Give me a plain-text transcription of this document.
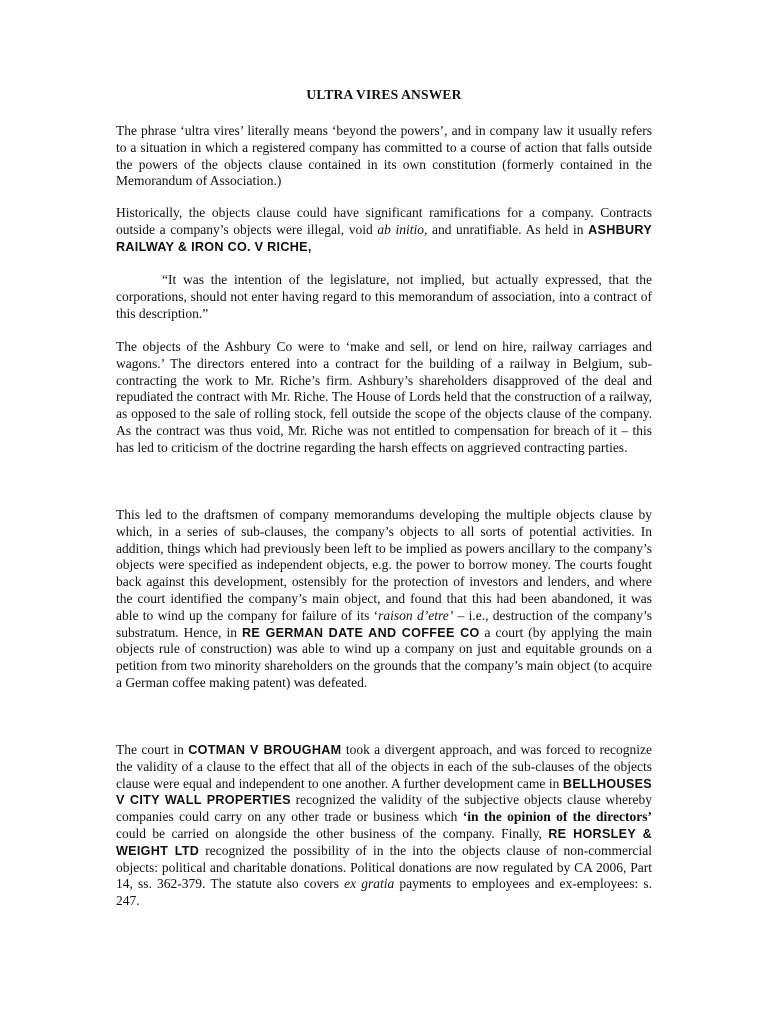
ULTRA VIRES ANSWER

The phrase ‘ultra vires’ literally means ‘beyond the powers’, and in company law it usually refers to a situation in which a registered company has committed to a course of action that falls outside the powers of the objects clause contained in its own constitution (formerly contained in the Memorandum of Association.)

Historically, the objects clause could have significant ramifications for a company. Contracts outside a company’s objects were illegal, void ab initio, and unratifiable. As held in ASHBURY RAILWAY & IRON CO. V RICHE,

“It was the intention of the legislature, not implied, but actually expressed, that the corporations, should not enter having regard to this memorandum of association, into a contract of this description.”

The objects of the Ashbury Co were to ‘make and sell, or lend on hire, railway carriages and wagons.’ The directors entered into a contract for the building of a railway in Belgium, sub-contracting the work to Mr. Riche’s firm. Ashbury’s shareholders disapproved of the deal and repudiated the contract with Mr. Riche. The House of Lords held that the construction of a railway, as opposed to the sale of rolling stock, fell outside the scope of the objects clause of the company. As the contract was thus void, Mr. Riche was not entitled to compensation for breach of it – this has led to criticism of the doctrine regarding the harsh effects on aggrieved contracting parties.

This led to the draftsmen of company memorandums developing the multiple objects clause by which, in a series of sub-clauses, the company’s objects to all sorts of potential activities. In addition, things which had previously been left to be implied as powers ancillary to the company’s objects were specified as independent objects, e.g. the power to borrow money. The courts fought back against this development, ostensibly for the protection of investors and lenders, and where the court identified the company’s main object, and found that this had been abandoned, it was able to wind up the company for failure of its ‘raison d’etre’ – i.e., destruction of the company’s substratum. Hence, in RE GERMAN DATE AND COFFEE CO a court (by applying the main objects rule of construction) was able to wind up a company on just and equitable grounds on a petition from two minority shareholders on the grounds that the company’s main object (to acquire a German coffee making patent) was defeated.

The court in COTMAN V BROUGHAM took a divergent approach, and was forced to recognize the validity of a clause to the effect that all of the objects in each of the sub-clauses of the objects clause were equal and independent to one another. A further development came in BELLHOUSES V CITY WALL PROPERTIES recognized the validity of the subjective objects clause whereby companies could carry on any other trade or business which ‘in the opinion of the directors’ could be carried on alongside the other business of the company. Finally, RE HORSLEY & WEIGHT LTD recognized the possibility of in the into the objects clause of non-commercial objects: political and charitable donations. Political donations are now regulated by CA 2006, Part 14, ss. 362-379. The statute also covers ex gratia payments to employees and ex-employees: s. 247.
